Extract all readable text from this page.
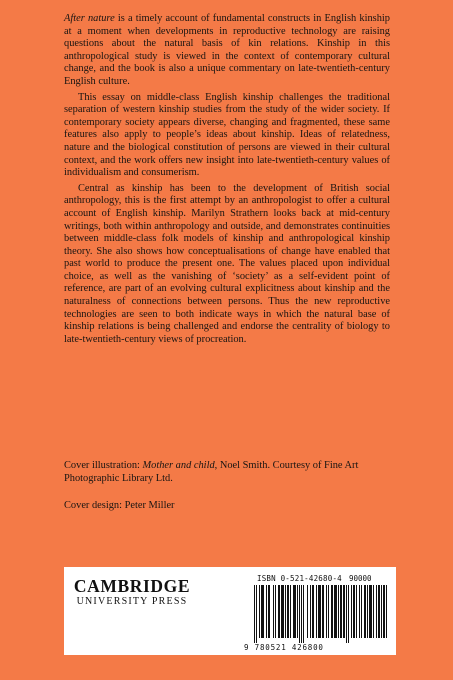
After nature is a timely account of fundamental constructs in English kinship at a moment when developments in reproductive technology are raising questions about the natural basis of kin relations. Kinship in this anthropological study is viewed in the context of contemporary cultural change, and the book is also a unique commentary on late-twentieth-century English culture.

This essay on middle-class English kinship challenges the traditional separation of western kinship studies from the study of the wider society. If contemporary society appears diverse, changing and fragmented, these same features also apply to people’s ideas about kinship. Ideas of relatedness, nature and the biological constitution of persons are viewed in their cultural context, and the work offers new insight into late-twentieth-century values of individualism and consumerism.

Central as kinship has been to the development of British social anthropology, this is the first attempt by an anthropologist to offer a cultural account of English kinship. Marilyn Strathern looks back at mid-century writings, both within anthropology and outside, and demonstrates continuities between middle-class folk models of kinship and anthropological kinship theory. She also shows how conceptualisations of change have enabled that past world to produce the present one. The values placed upon individual choice, as well as the vanishing of ‘society’ as a self-evident point of reference, are part of an evolving cultural explicitness about kinship and the naturalness of connections between persons. Thus the new reproductive technologies are seen to both indicate ways in which the natural base of kinship relations is being challenged and endorse the centrality of biology to late-twentieth-century views of procreation.

Cover illustration: Mother and child, Noel Smith. Courtesy of Fine Art Photographic Library Ltd.

Cover design: Peter Miller

CAMBRIDGE
UNIVERSITY PRESS
ISBN 0-521-42680-4 90000
9 780521 426800
